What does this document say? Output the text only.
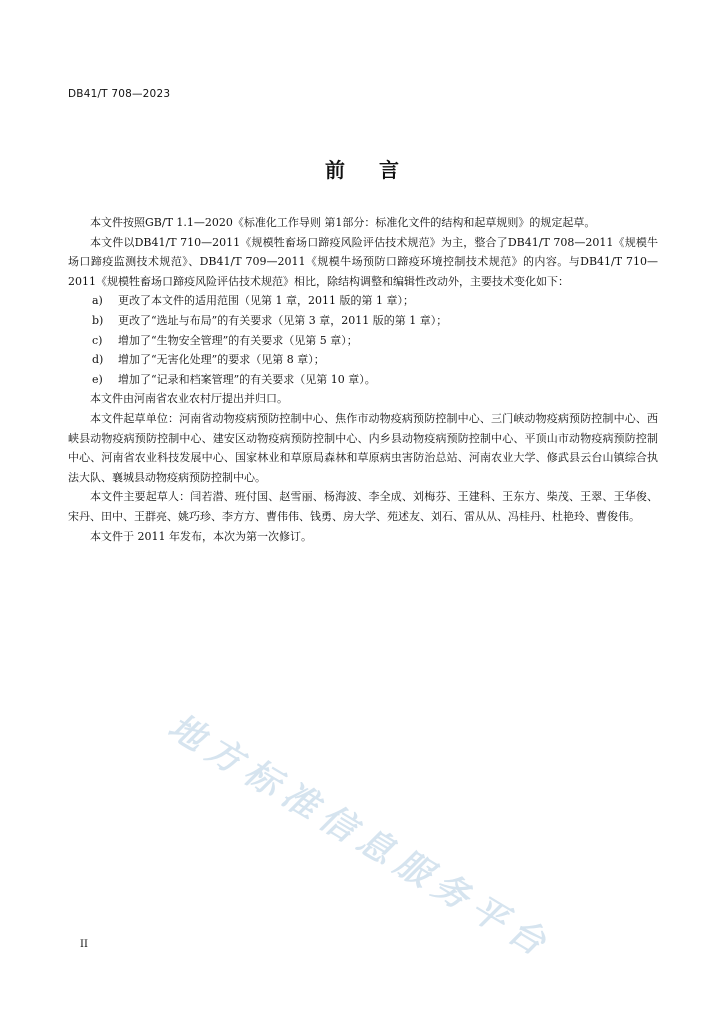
DB41/T 708—2023

前言

本文件按照GB/T 1.1—2020《标准化工作导则 第1部分：标准化文件的结构和起草规则》的规定起草。

本文件以DB41/T 710—2011《规模牲畜场口蹄疫风险评估技术规范》为主，整合了DB41/T 708—2011《规模牛场口蹄疫监测技术规范》、DB41/T 709—2011《规模牛场预防口蹄疫环境控制技术规范》的内容。与DB41/T 710—2011《规模牲畜场口蹄疫风险评估技术规范》相比，除结构调整和编辑性改动外，主要技术变化如下：

a) 更改了本文件的适用范围（见第 1 章，2011 版的第 1 章）；
b) 更改了“选址与布局”的有关要求（见第 3 章，2011 版的第 1 章）；
c) 增加了“生物安全管理”的有关要求（见第 5 章）；
d) 增加了“无害化处理”的要求（见第 8 章）；
e) 增加了“记录和档案管理”的有关要求（见第 10 章）。

本文件由河南省农业农村厅提出并归口。

本文件起草单位：河南省动物疫病预防控制中心、焦作市动物疫病预防控制中心、三门峡动物疫病预防控制中心、西峡县动物疫病预防控制中心、建安区动物疫病预防控制中心、内乡县动物疫病预防控制中心、平顶山市动物疫病预防控制中心、河南省农业科技发展中心、国家林业和草原局森林和草原病虫害防治总站、河南农业大学、修武县云台山镇综合执法大队、襄城县动物疫病预防控制中心。

本文件主要起草人：闫若潜、班付国、赵雪丽、杨海波、李全成、刘梅芬、王建科、王东方、柴茂、王翠、王华俊、宋丹、田中、王群亮、姚巧珍、李方方、曹伟伟、钱勇、房大学、苑述友、刘石、雷从从、冯桂丹、杜艳玲、曹俊伟。

本文件于 2011 年发布，本次为第一次修订。

地方标准信息服务平台

II
